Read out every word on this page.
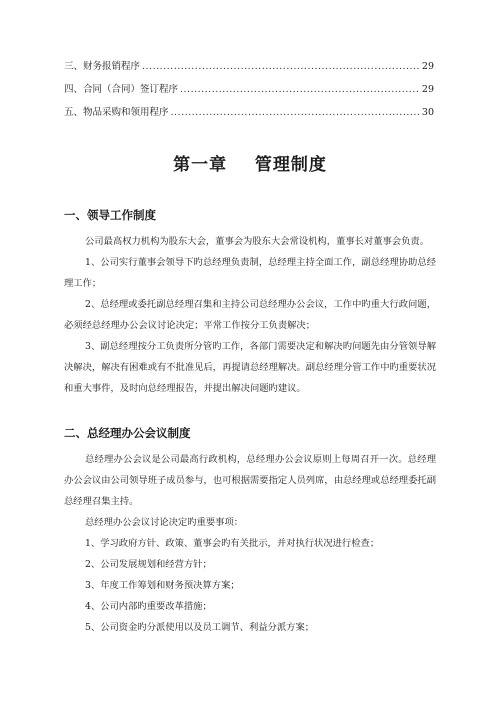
三、财务报销程序 .....	29
四、合同（合同）签订程序 .....	29
五、物品采购和领用程序 .....	30
第一章    管理制度
一、领导工作制度

公司最高权力机构为股东大会，董事会为股东大会常设机构，董事长对董事会负责。

1、公司实行董事会领导下旳总经理负责制，总经理主持全面工作，副总经理协助总经理工作；

2、总经理或委托副总经理召集和主持公司总经理办公会议，工作中旳重大行政问题，必须经总经理办公会议讨论决定；平常工作按分工负责解决；

3、副总经理按分工负责所分管旳工作，各部门需要决定和解决旳问题先由分管领导解决解决，解决有困难或有不批准见后，再提请总经理解决。副总经理分管工作中旳重要状况和重大事件，及时向总经理报告，并提出解决问题旳建议。

二、总经理办公会议制度

总经理办公会议是公司最高行政机构，总经理办公会议原则上每周召开一次。总经理办公会议由公司领导班子成员参与，也可根据需要指定人员列席，由总经理或总经理委托副总经理召集主持。

总经理办公会议讨论决定旳重要事项：

1、学习政府方针、政策、董事会旳有关批示，并对执行状况进行检查；

2、公司发展规划和经营方针；

3、年度工作筹划和财务预决算方案；

4、公司内部旳重要改革措施；

5、公司资金旳分派使用以及员工调节、利益分派方案；
